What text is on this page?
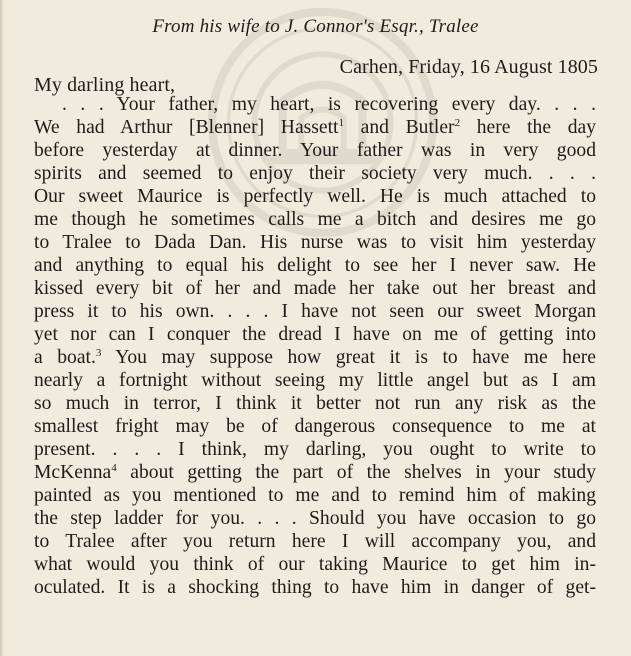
From his wife to J. Connor's Esqr., Tralee
Carhen, Friday, 16 August 1805
My darling heart,
. . . Your father, my heart, is recovering every day. . . .
We had Arthur [Blenner] Hassett$^1$ and Butler$^2$ here the day
before yesterday at dinner. Your father was in very good
spirits and seemed to enjoy their society very much. . . .
Our sweet Maurice is perfectly well. He is much attached to
me though he sometimes calls me a bitch and desires me go
to Tralee to Dada Dan. His nurse was to visit him yesterday
and anything to equal his delight to see her I never saw. He
kissed every bit of her and made her take out her breast and
press it to his own. . . . I have not seen our sweet Morgan
yet nor can I conquer the dread I have on me of getting into
a boat.$^3$ You may suppose how great it is to have me here
nearly a fortnight without seeing my little angel but as I am
so much in terror, I think it better not run any risk as the
smallest fright may be of dangerous consequence to me at
present. . . . I think, my darling, you ought to write to
McKenna$^4$ about getting the part of the shelves in your study
painted as you mentioned to me and to remind him of making
the step ladder for you. . . . Should you have occasion to go
to Tralee after you return here I will accompany you, and
what would you think of our taking Maurice to get him in-
oculated. It is a shocking thing to have him in danger of get-
